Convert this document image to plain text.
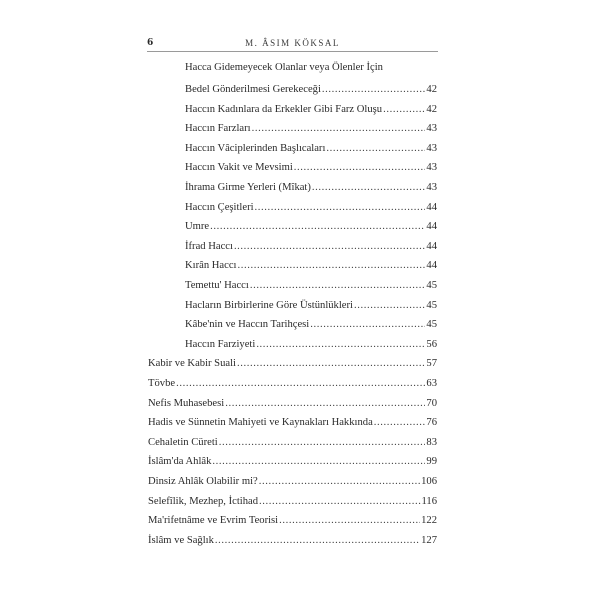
6	M. ÂSIM KÖKSAL
Hacca Gidemeyecek Olanlar veya Ölenler İçin
Bedel Gönderilmesi Gerekeceği .....	42
Haccın Kadınlara da Erkekler Gibi Farz Oluşu .....	42
Haccın Farzları .....	43
Haccın Vâciplerinden Başlıcaları .....	43
Haccın Vakit ve Mevsimi .....	43
İhrama Girme Yerleri (Mîkat) .....	43
Haccın Çeşitleri .....	44
Umre .....	44
İfrad Haccı .....	44
Kırân Haccı .....	44
Temettu' Haccı .....	45
Hacların Birbirlerine Göre Üstünlükleri .....	45
Kâbe'nin ve Haccın Tarihçesi .....	45
Haccın Farziyeti .....	56
Kabir ve Kabir Suali .....	57
Tövbe .....	63
Nefis Muhasebesi .....	70
Hadis ve Sünnetin Mahiyeti ve Kaynakları Hakkında .....	76
Cehaletin Cüreti .....	83
İslâm'da Ahlâk .....	99
Dinsiz Ahlâk Olabilir mi? .....	106
Selefîlik, Mezhep, İctihad .....	116
Ma'rifetnâme ve Evrim Teorisi .....	122
İslâm ve Sağlık .....	127
